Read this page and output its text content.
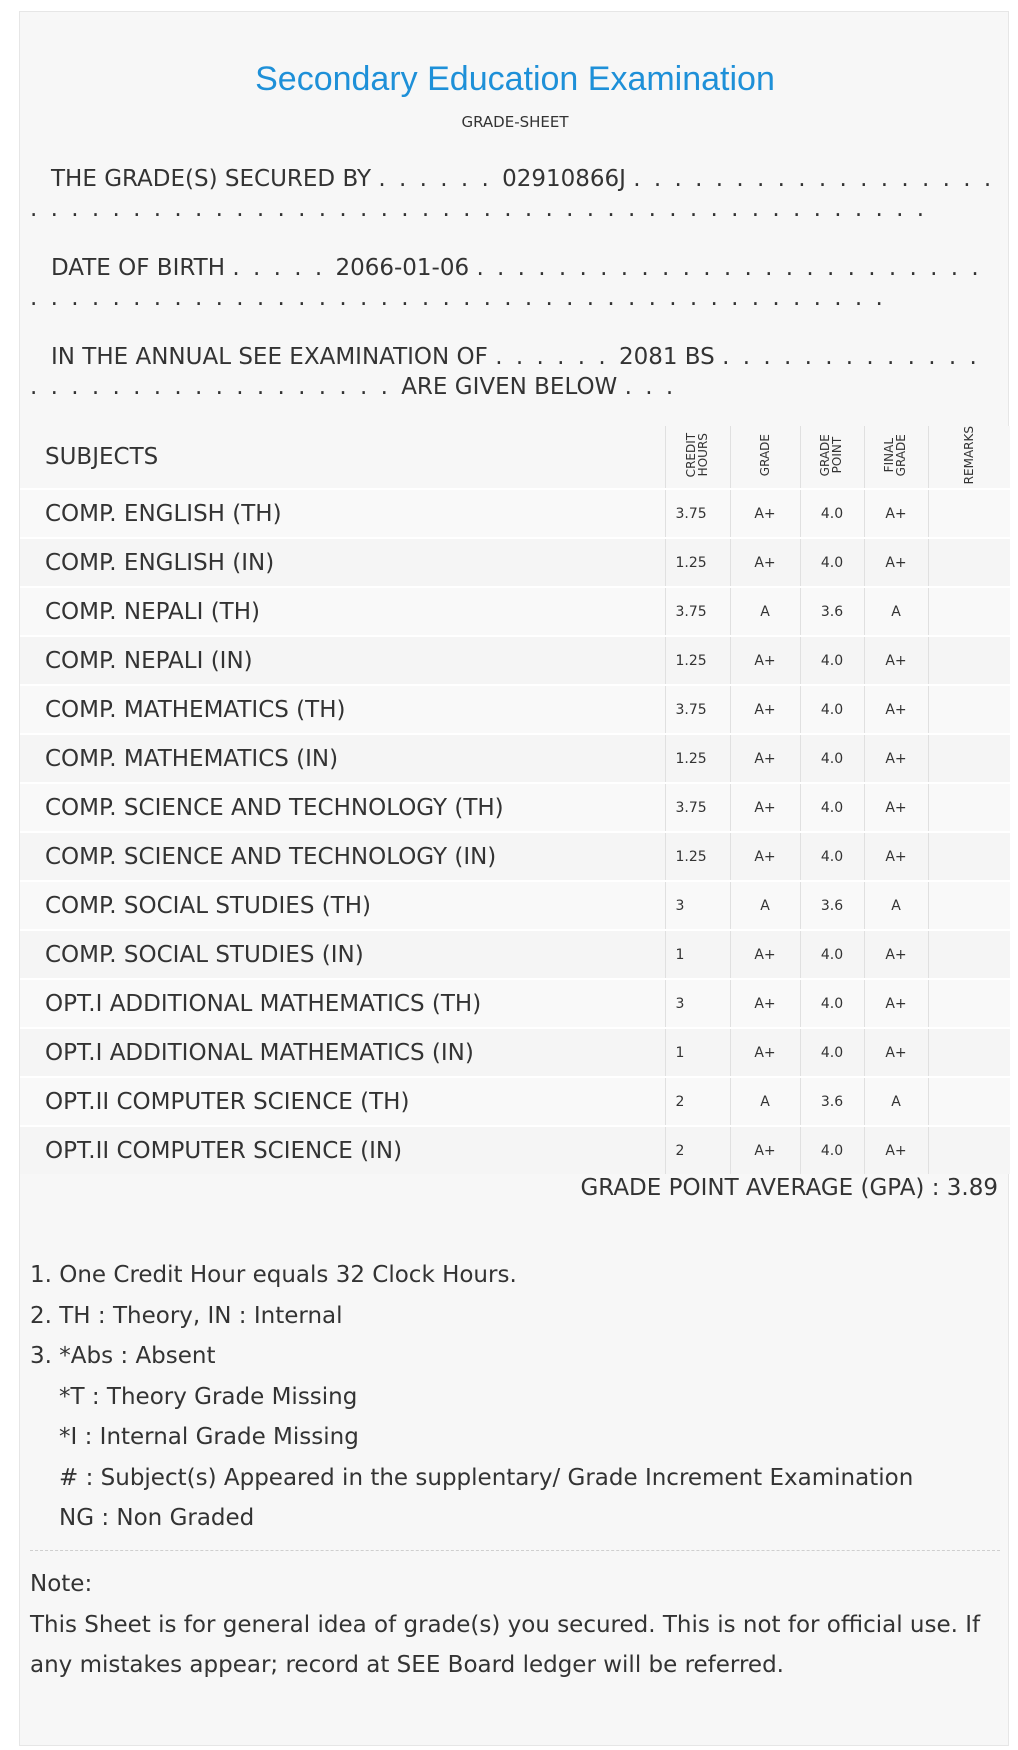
Secondary Education Examination
GRADE-SHEET
THE GRADE(S) SECURED BY . . . . . . 02910866J . . . . . . . . . . . . . . . . . . . . . . . . . . . . . . . . . . . . . . . . . . . . . . . . . . . . . . . . . . . . . .
DATE OF BIRTH . . . . . 2066-01-06 . . . . . . . . . . . . . . . . . . . . . . . . . . . . . . . . . . . . . . . . . . . . . . . . . . . . . . . . . . . . . . . . . . .
IN THE ANNUAL SEE EXAMINATION OF . . . . . . 2081 BS . . . . . . . . . . . . . . . . . . . . . . . . . . . . . . . ARE GIVEN BELOW . . .
SUBJECTS	CREDIT HOURS	GRADE	GRADE POINT	FINAL GRADE	REMARKS
COMP. ENGLISH (TH)	3.75	A+	4.0	A+	
COMP. ENGLISH (IN)	1.25	A+	4.0	A+	
COMP. NEPALI (TH)	3.75	A	3.6	A	
COMP. NEPALI (IN)	1.25	A+	4.0	A+	
COMP. MATHEMATICS (TH)	3.75	A+	4.0	A+	
COMP. MATHEMATICS (IN)	1.25	A+	4.0	A+	
COMP. SCIENCE AND TECHNOLOGY (TH)	3.75	A+	4.0	A+	
COMP. SCIENCE AND TECHNOLOGY (IN)	1.25	A+	4.0	A+	
COMP. SOCIAL STUDIES (TH)	3	A	3.6	A	
COMP. SOCIAL STUDIES (IN)	1	A+	4.0	A+	
OPT.I ADDITIONAL MATHEMATICS (TH)	3	A+	4.0	A+	
OPT.I ADDITIONAL MATHEMATICS (IN)	1	A+	4.0	A+	
OPT.II COMPUTER SCIENCE (TH)	2	A	3.6	A	
OPT.II COMPUTER SCIENCE (IN)	2	A+	4.0	A+	
GRADE POINT AVERAGE (GPA) : 3.89
1. One Credit Hour equals 32 Clock Hours.
2. TH : Theory, IN : Internal
3. *Abs : Absent
*T : Theory Grade Missing
*I : Internal Grade Missing
# : Subject(s) Appeared in the supplentary/ Grade Increment Examination
NG : Non Graded
Note:
This Sheet is for general idea of grade(s) you secured. This is not for official use. If any mistakes appear; record at SEE Board ledger will be referred.
